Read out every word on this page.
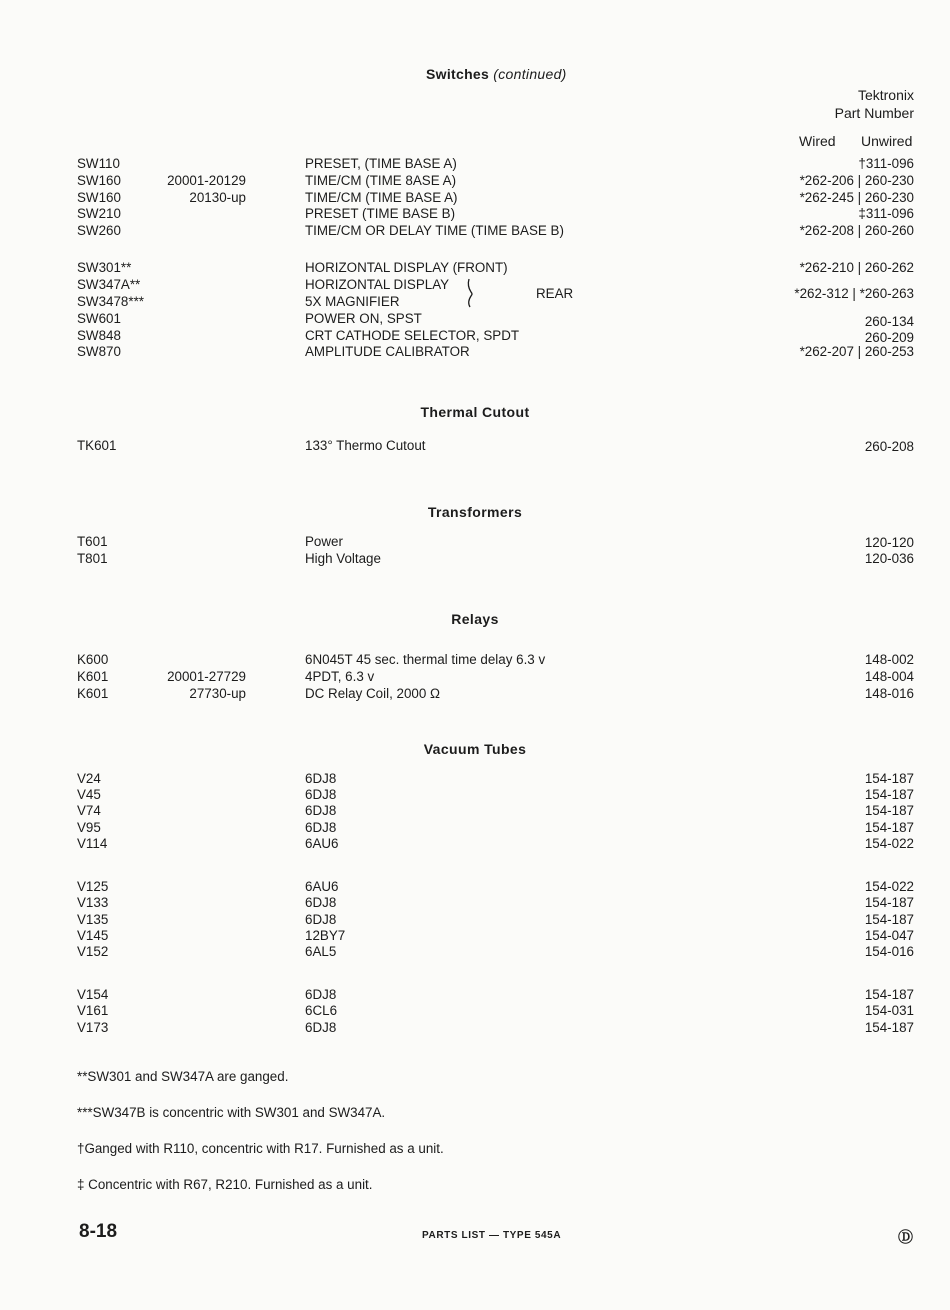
Switches (continued)
Tektronix
Part Number
Wired Unwired
SW110	PRESET, (TIME BASE A)	†311-096
SW160	20001-20129	TIME/CM (TIME 8ASE A)	*262-206 | 260-230
SW160	20130-up	TIME/CM (TIME BASE A)	*262-245 | 260-230
SW210	PRESET (TIME BASE B)	‡311-096
SW260	TIME/CM OR DELAY TIME (TIME BASE B)	*262-208 | 260-260
SW301**	HORIZONTAL DISPLAY (FRONT)	*262-210 | 260-262
SW347A**	HORIZONTAL DISPLAY
SW3478***	5X MAGNIFIER
REAR	*262-312 | *260-263
SW601	POWER ON, SPST	260-134
SW848	CRT CATHODE SELECTOR, SPDT	260-209
SW870	AMPLITUDE CALIBRATOR	*262-207 | 260-253
Thermal Cutout
TK601	133° Thermo Cutout	260-208
Transformers
T601	Power	120-120
T801	High Voltage	120-036
Relays
K600	6N045T 45 sec. thermal time delay 6.3 v	148-002
K601	20001-27729	4PDT, 6.3 v	148-004
K601	27730-up	DC Relay Coil, 2000 Ω	148-016
Vacuum Tubes
V24	6DJ8	154-187
V45	6DJ8	154-187
V74	6DJ8	154-187
V95	6DJ8	154-187
V114	6AU6	154-022
V125	6AU6	154-022
V133	6DJ8	154-187
V135	6DJ8	154-187
V145	12BY7	154-047
V152	6AL5	154-016
V154	6DJ8	154-187
V161	6CL6	154-031
V173	6DJ8	154-187
**SW301 and SW347A are ganged.
***SW347B is concentric with SW301 and SW347A.
†Ganged with R110, concentric with R17. Furnished as a unit.
‡ Concentric with R67, R210. Furnished as a unit.
8-18	PARTS LIST — TYPE 545A	Ⓓ
